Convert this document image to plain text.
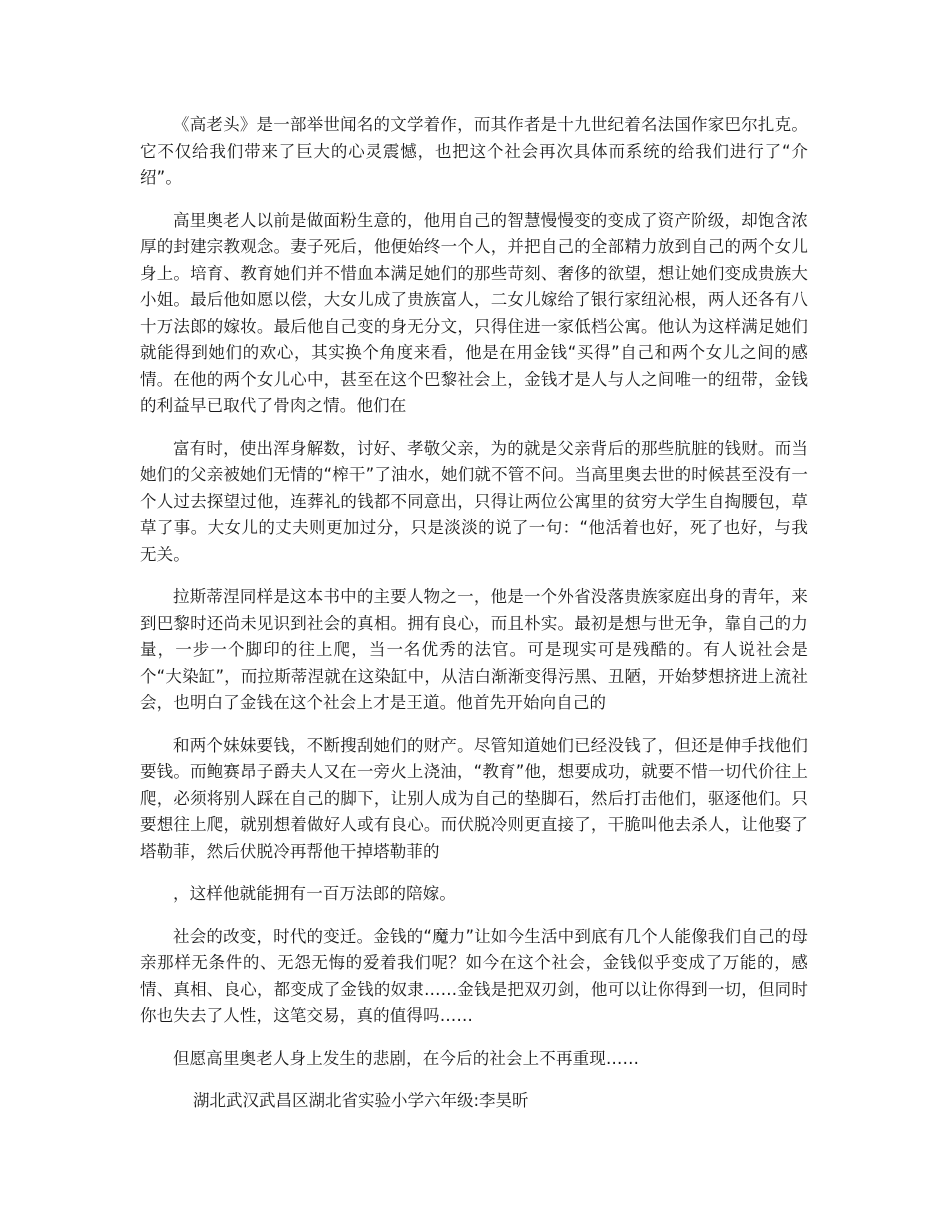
《高老头》是一部举世闻名的文学着作，而其作者是十九世纪着名法国作家巴尔扎克。它不仅给我们带来了巨大的心灵震憾，也把这个社会再次具体而系统的给我们进行了“介绍”。

高里奥老人以前是做面粉生意的，他用自己的智慧慢慢变的变成了资产阶级，却饱含浓厚的封建宗教观念。妻子死后，他便始终一个人，并把自己的全部精力放到自己的两个女儿身上。培育、教育她们并不惜血本满足她们的那些苛刻、奢侈的欲望，想让她们变成贵族大小姐。最后他如愿以偿，大女儿成了贵族富人，二女儿嫁给了银行家纽沁根，两人还各有八十万法郎的嫁妆。最后他自己变的身无分文，只得住进一家低档公寓。他认为这样满足她们就能得到她们的欢心，其实换个角度来看，他是在用金钱“买得”自己和两个女儿之间的感情。在他的两个女儿心中，甚至在这个巴黎社会上，金钱才是人与人之间唯一的纽带，金钱的利益早已取代了骨肉之情。他们在

富有时，使出浑身解数，讨好、孝敬父亲，为的就是父亲背后的那些肮脏的钱财。而当她们的父亲被她们无情的“榨干”了油水，她们就不管不问。当高里奥去世的时候甚至没有一个人过去探望过他，连葬礼的钱都不同意出，只得让两位公寓里的贫穷大学生自掏腰包，草草了事。大女儿的丈夫则更加过分，只是淡淡的说了一句：“他活着也好，死了也好，与我无关。

拉斯蒂涅同样是这本书中的主要人物之一，他是一个外省没落贵族家庭出身的青年，来到巴黎时还尚未见识到社会的真相。拥有良心，而且朴实。最初是想与世无争，靠自己的力量，一步一个脚印的往上爬，当一名优秀的法官。可是现实可是残酷的。有人说社会是个“大染缸”，而拉斯蒂涅就在这染缸中，从洁白渐渐变得污黑、丑陋，开始梦想挤进上流社会，也明白了金钱在这个社会上才是王道。他首先开始向自己的

和两个妹妹要钱，不断搜刮她们的财产。尽管知道她们已经没钱了，但还是伸手找他们要钱。而鲍赛昂子爵夫人又在一旁火上浇油，“教育”他，想要成功，就要不惜一切代价往上爬，必须将别人踩在自己的脚下，让别人成为自己的垫脚石，然后打击他们，驱逐他们。只要想往上爬，就别想着做好人或有良心。而伏脱冷则更直接了，干脆叫他去杀人，让他娶了塔勒菲，然后伏脱冷再帮他干掉塔勒菲的

，这样他就能拥有一百万法郎的陪嫁。

社会的改变，时代的变迁。金钱的“魔力”让如今生活中到底有几个人能像我们自己的母亲那样无条件的、无怨无悔的爱着我们呢？如今在这个社会，金钱似乎变成了万能的，感情、真相、良心，都变成了金钱的奴隶……金钱是把双刃剑，他可以让你得到一切，但同时你也失去了人性，这笔交易，真的值得吗……

但愿高里奥老人身上发生的悲剧，在今后的社会上不再重现……

湖北武汉武昌区湖北省实验小学六年级:李昊昕
